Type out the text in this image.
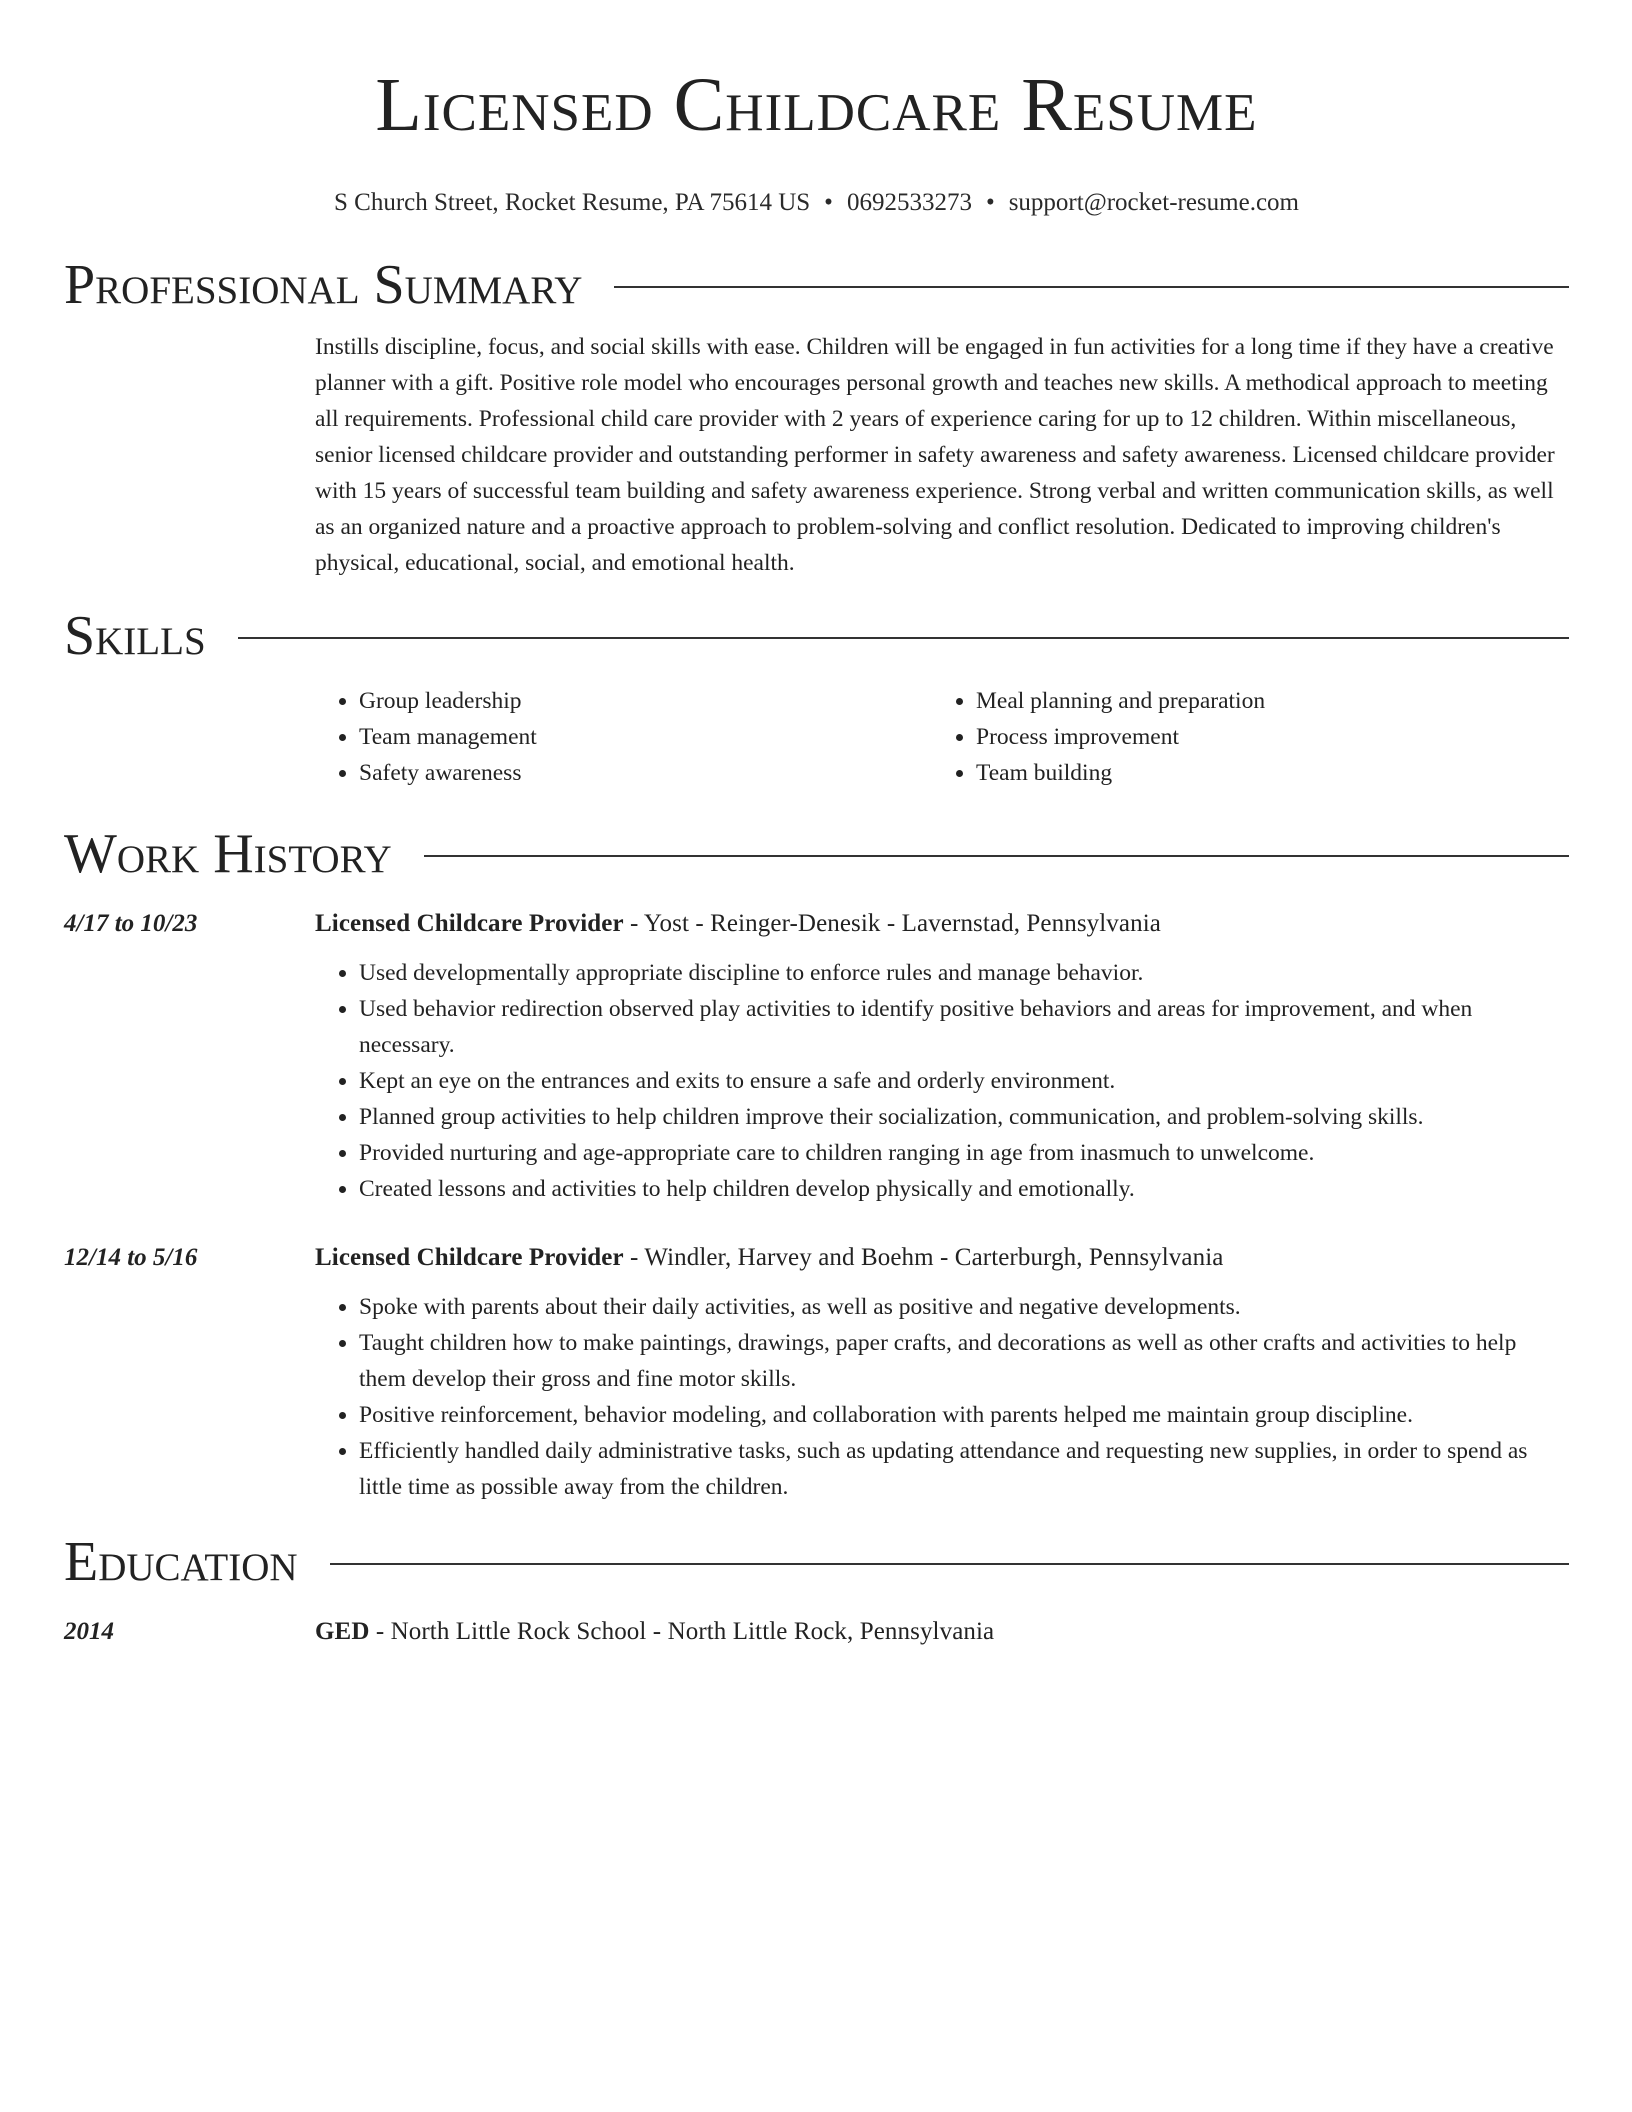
Licensed Childcare Resume
S Church Street, Rocket Resume, PA 75614 US • 0692533273 • support@rocket-resume.com
Professional Summary

Instills discipline, focus, and social skills with ease. Children will be engaged in fun activities for a long time if they have a creative planner with a gift. Positive role model who encourages personal growth and teaches new skills. A methodical approach to meeting all requirements. Professional child care provider with 2 years of experience caring for up to 12 children. Within miscellaneous, senior licensed childcare provider and outstanding performer in safety awareness and safety awareness. Licensed childcare provider with 15 years of successful team building and safety awareness experience. Strong verbal and written communication skills, as well as an organized nature and a proactive approach to problem-solving and conflict resolution. Dedicated to improving children's physical, educational, social, and emotional health.

Skills
• Group leadership
• Team management
• Safety awareness
• Meal planning and preparation
• Process improvement
• Team building
Work History
4/17 to 10/23	Licensed Childcare Provider - Yost - Reinger-Denesik - Lavernstad, Pennsylvania
• Used developmentally appropriate discipline to enforce rules and manage behavior.
• Used behavior redirection observed play activities to identify positive behaviors and areas for improvement, and when necessary.
• Kept an eye on the entrances and exits to ensure a safe and orderly environment.
• Planned group activities to help children improve their socialization, communication, and problem-solving skills.
• Provided nurturing and age-appropriate care to children ranging in age from inasmuch to unwelcome.
• Created lessons and activities to help children develop physically and emotionally.
12/14 to 5/16	Licensed Childcare Provider - Windler, Harvey and Boehm - Carterburgh, Pennsylvania
• Spoke with parents about their daily activities, as well as positive and negative developments.
• Taught children how to make paintings, drawings, paper crafts, and decorations as well as other crafts and activities to help them develop their gross and fine motor skills.
• Positive reinforcement, behavior modeling, and collaboration with parents helped me maintain group discipline.
• Efficiently handled daily administrative tasks, such as updating attendance and requesting new supplies, in order to spend as little time as possible away from the children.
Education
2014	GED - North Little Rock School - North Little Rock, Pennsylvania
